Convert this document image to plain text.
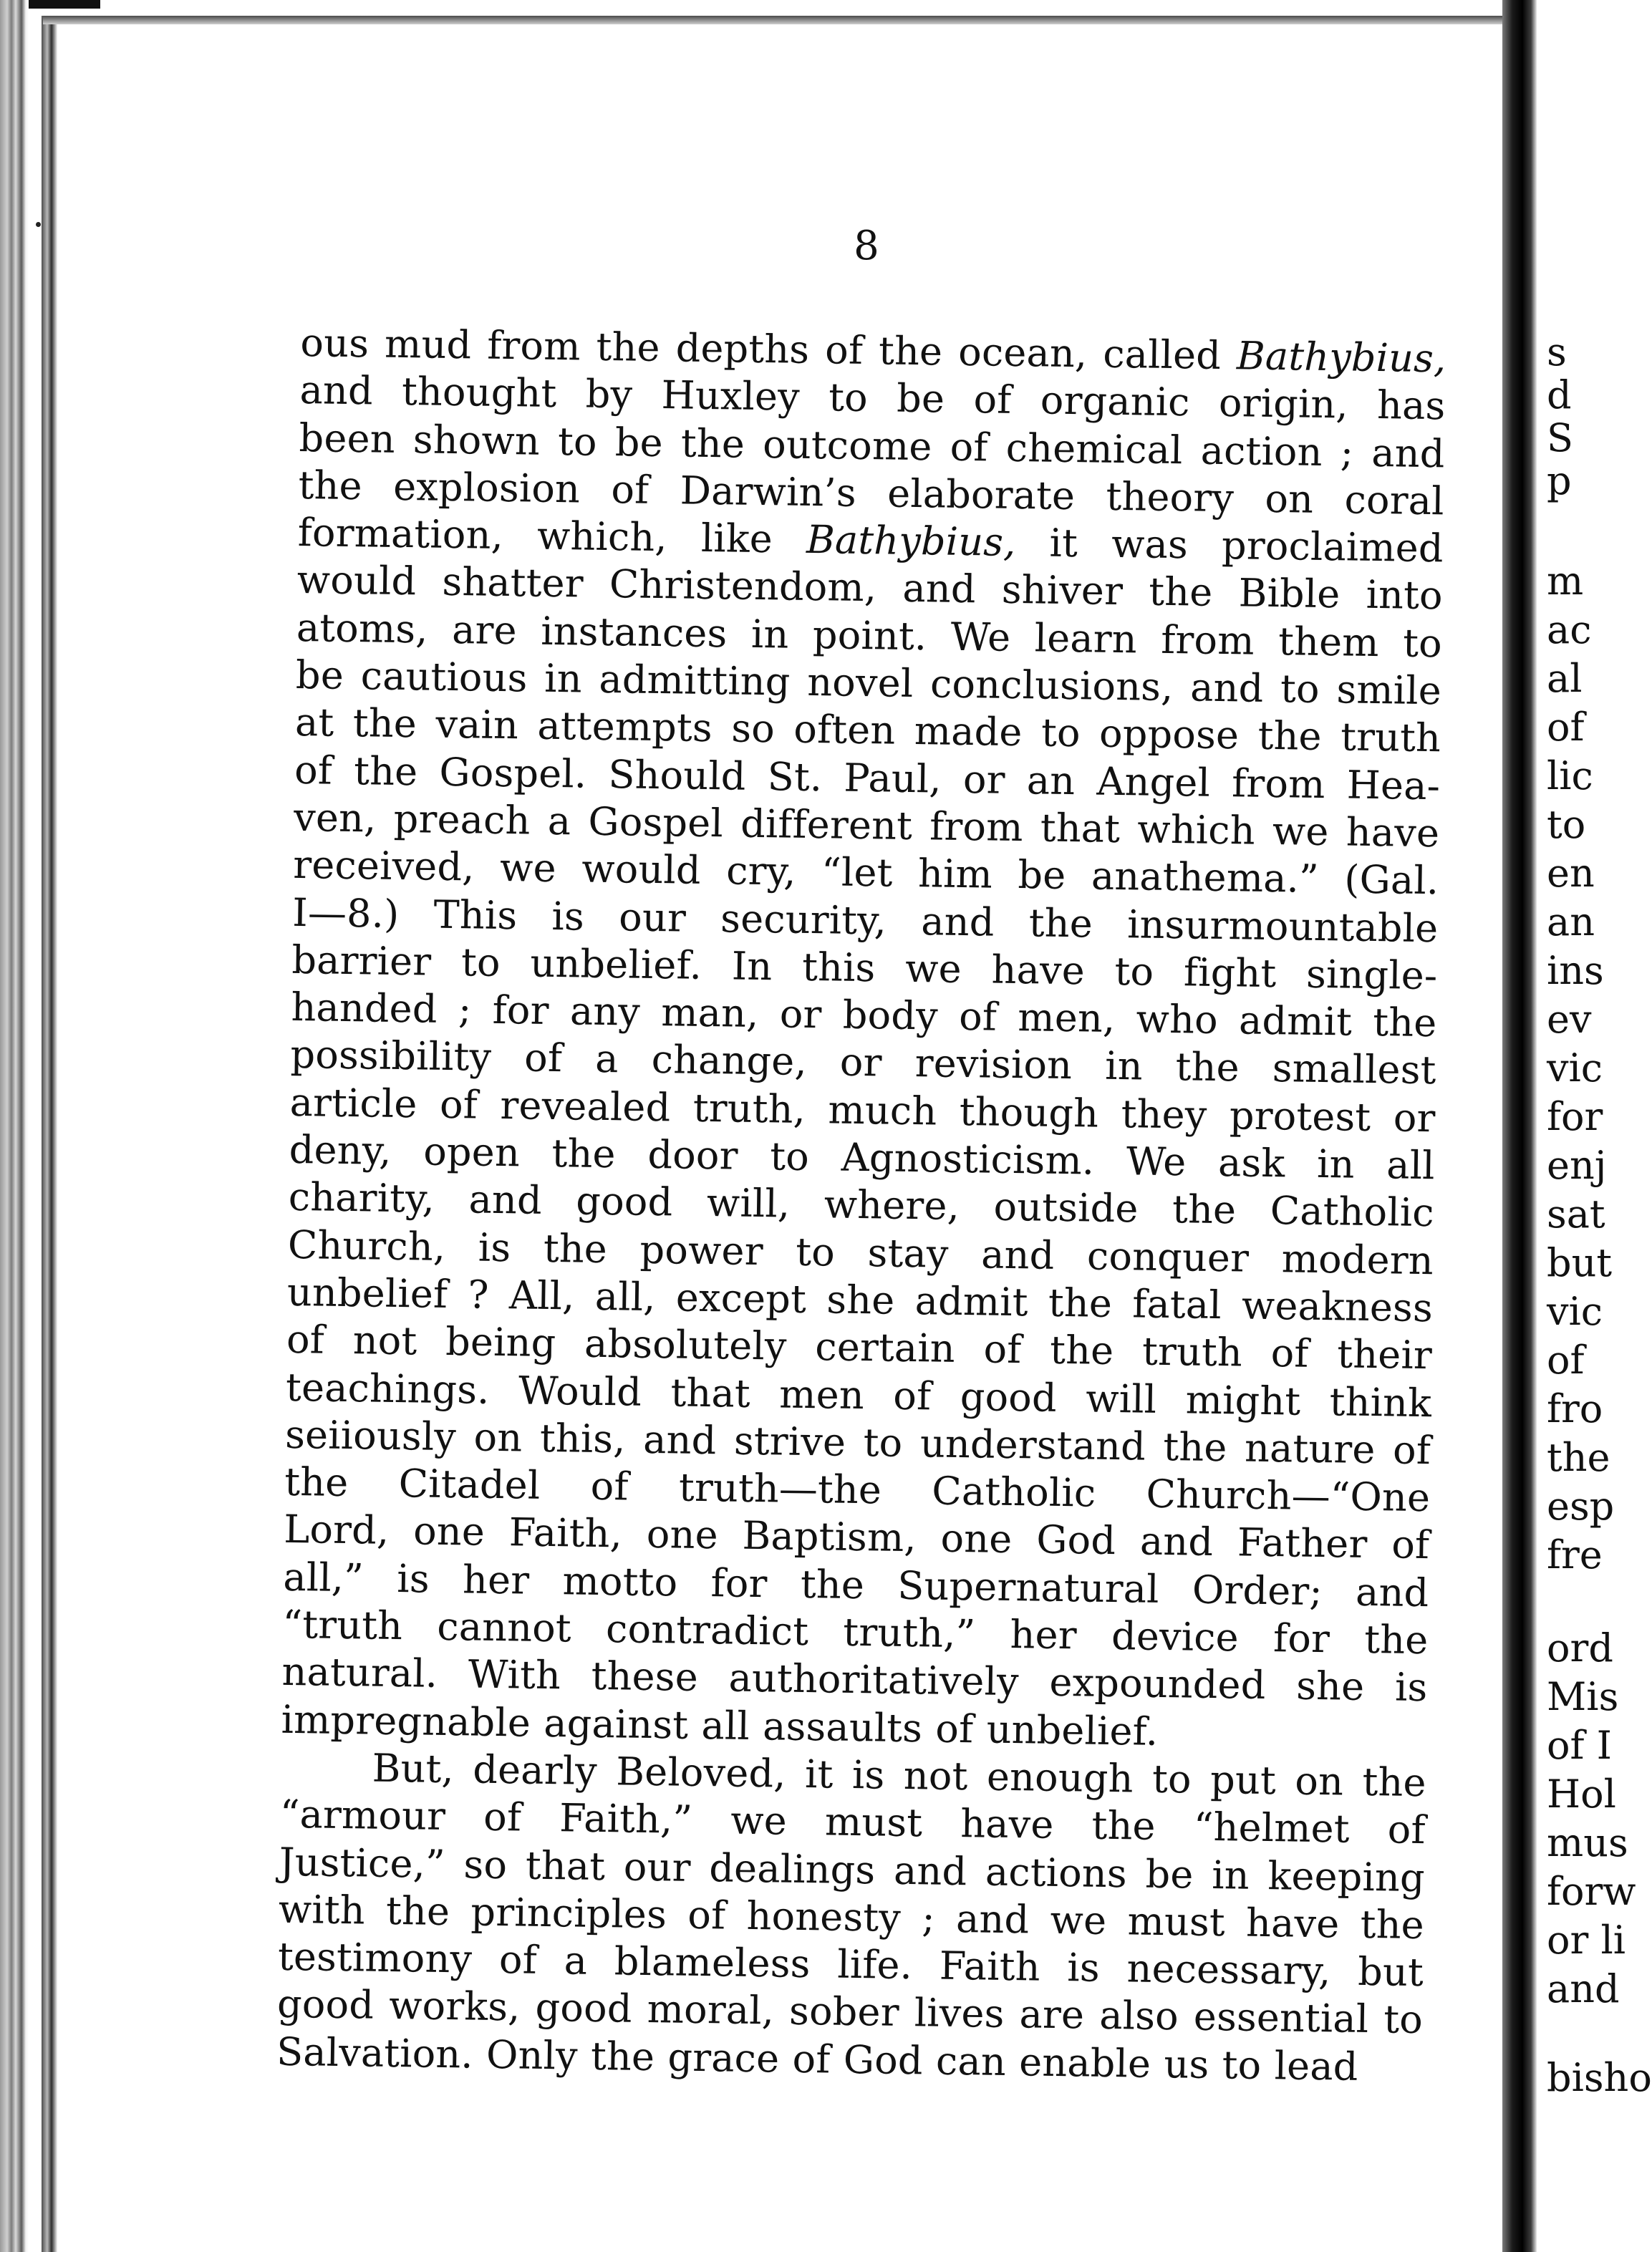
8
ous mud from the depths of the ocean, called Bathybius,
and thought by Huxley to be of organic origin, has
been shown to be the outcome of chemical action ; and
the explosion of Darwin’s elaborate theory on coral
formation, which, like Bathybius, it was proclaimed
would shatter Christendom, and shiver the Bible into
atoms, are instances in point. We learn from them to
be cautious in admitting novel conclusions, and to smile
at the vain attempts so often made to oppose the truth
of the Gospel. Should St. Paul, or an Angel from Hea-
ven, preach a Gospel different from that which we have
received, we would cry, “let him be anathema.” (Gal.
I—8.) This is our security, and the insurmountable
barrier to unbelief. In this we have to fight single-
handed ; for any man, or body of men, who admit the
possibility of a change, or revision in the smallest
article of revealed truth, much though they protest or
deny, open the door to Agnosticism. We ask in all
charity, and good will, where, outside the Catholic
Church, is the power to stay and conquer modern
unbelief ? All, all, except she admit the fatal weakness
of not being absolutely certain of the truth of their
teachings. Would that men of good will might think
seiiously on this, and strive to understand the nature of
the Citadel of truth—the Catholic Church—“One
Lord, one Faith, one Baptism, one God and Father of
all,” is her motto for the Supernatural Order; and
“truth cannot contradict truth,” her device for the
natural. With these authoritatively expounded she is
impregnable against all assaults of unbelief.
But, dearly Beloved, it is not enough to put on the
“armour of Faith,” we must have the “helmet of
Justice,” so that our dealings and actions be in keeping
with the principles of honesty ; and we must have the
testimony of a blameless life. Faith is necessary, but
good works, good moral, sober lives are also essential to
Salvation. Only the grace of God can enable us to lead
s
d
S
p
m
ac
al
of
lic
to
en
an
ins
ev
vic
for
enj
sat
but
vic
of
fro
the
esp
fre
ord
Mis
of I
Hol
mus
forw
or li
and
bisho
